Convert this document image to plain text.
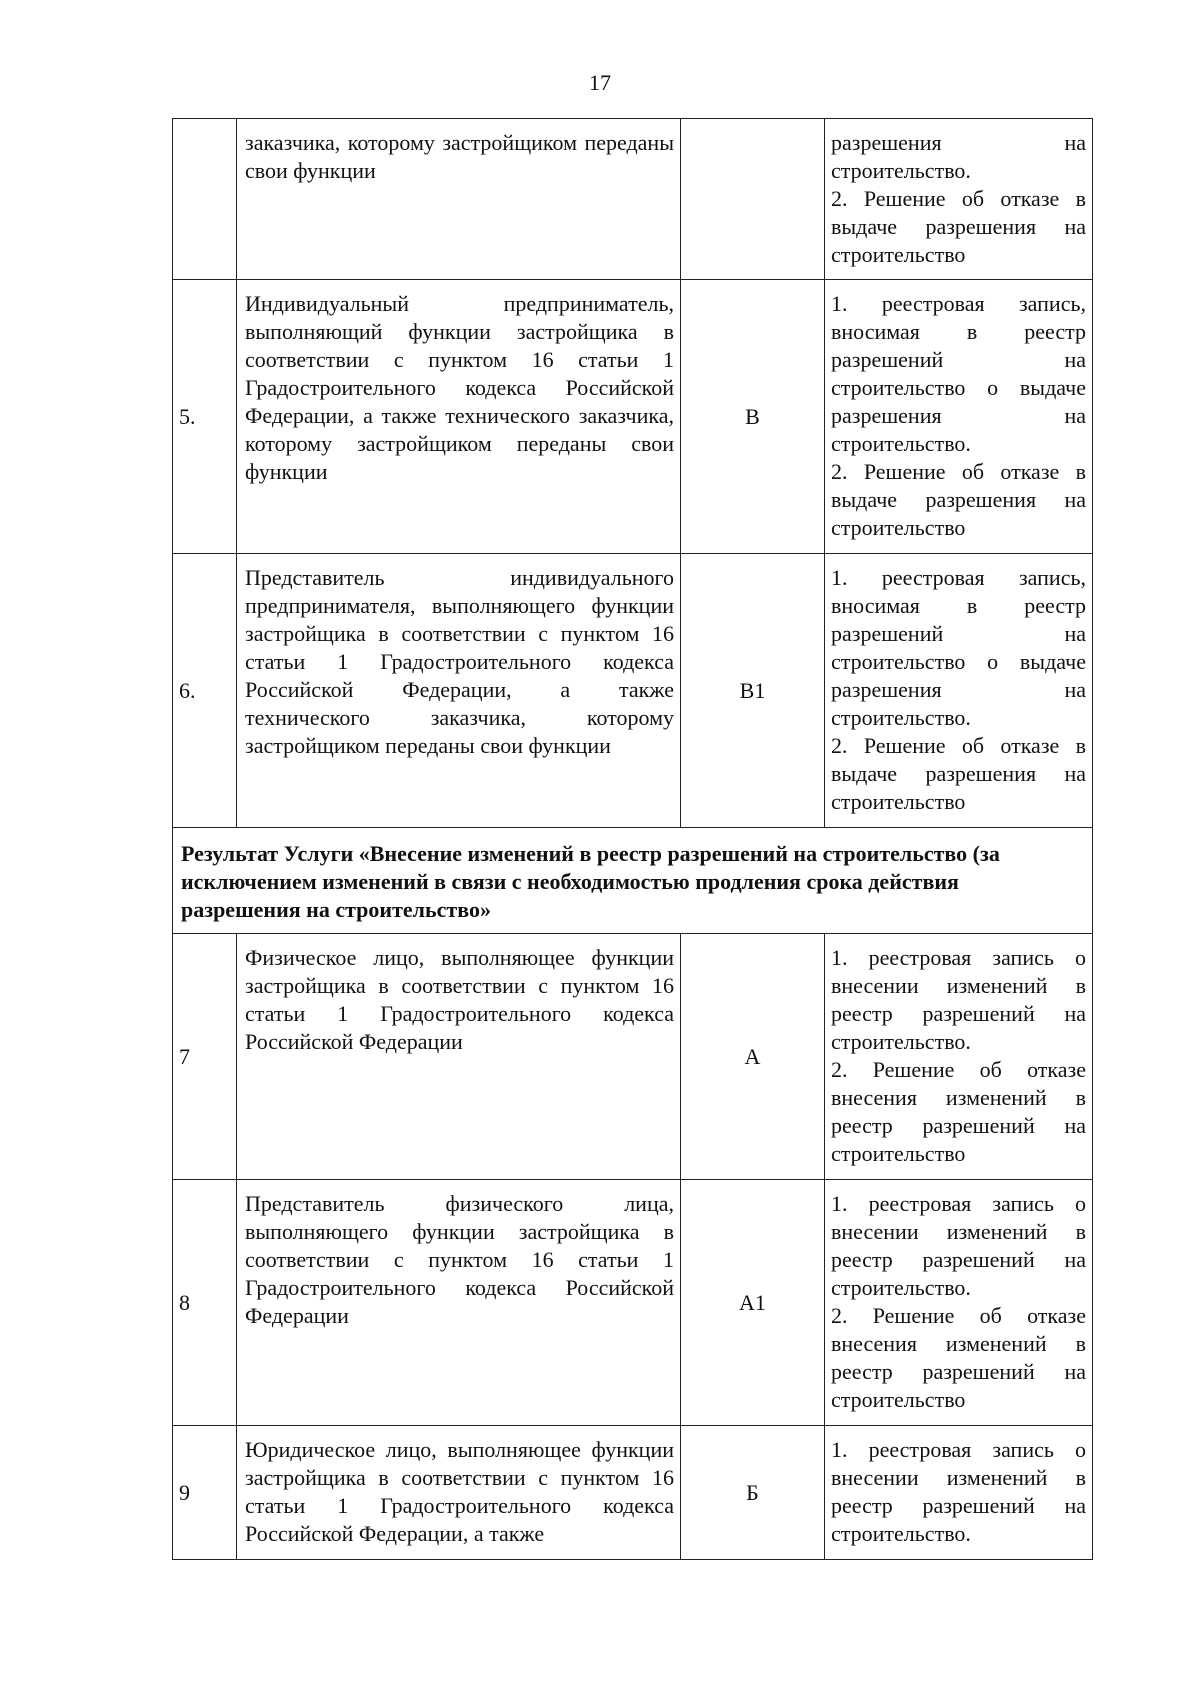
17
	заказчика, которому застройщиком переданы свои функции		разрешения на строительство.
2. Решение об отказе в выдаче разрешения на строительство

5.	Индивидуальный предприниматель, выполняющий функции застройщика в соответствии с пунктом 16 статьи 1 Градостроительного кодекса Российской Федерации, а также технического заказчика, которому застройщиком переданы свои функции	В	1. реестровая запись, вносимая в реестр разрешений на строительство о выдаче разрешения на строительство.
2. Решение об отказе в выдаче разрешения на строительство

6.	Представитель индивидуального предпринимателя, выполняющего функции застройщика в соответствии с пунктом 16 статьи 1 Градостроительного кодекса Российской Федерации, а также технического заказчика, которому застройщиком переданы свои функции	В1	1. реестровая запись, вносимая в реестр разрешений на строительство о выдаче разрешения на строительство.
2. Решение об отказе в выдаче разрешения на строительство

Результат Услуги «Внесение изменений в реестр разрешений на строительство (за исключением изменений в связи с необходимостью продления срока действия разрешения на строительство»			
7	Физическое лицо, выполняющее функции застройщика в соответствии с пунктом 16 статьи 1 Градостроительного кодекса Российской Федерации	А	1. реестровая запись о внесении изменений в реестр разрешений на строительство.
2. Решение об отказе внесения изменений в реестр разрешений на строительство

8	Представитель физического лица, выполняющего функции застройщика в соответствии с пунктом 16 статьи 1 Градостроительного кодекса Российской Федерации	А1	1. реестровая запись о внесении изменений в реестр разрешений на строительство.
2. Решение об отказе внесения изменений в реестр разрешений на строительство

9	Юридическое лицо, выполняющее функции застройщика в соответствии с пунктом 16 статьи 1 Градостроительного кодекса Российской Федерации, а также	Б	1. реестровая запись о внесении изменений в реестр разрешений на строительство.
